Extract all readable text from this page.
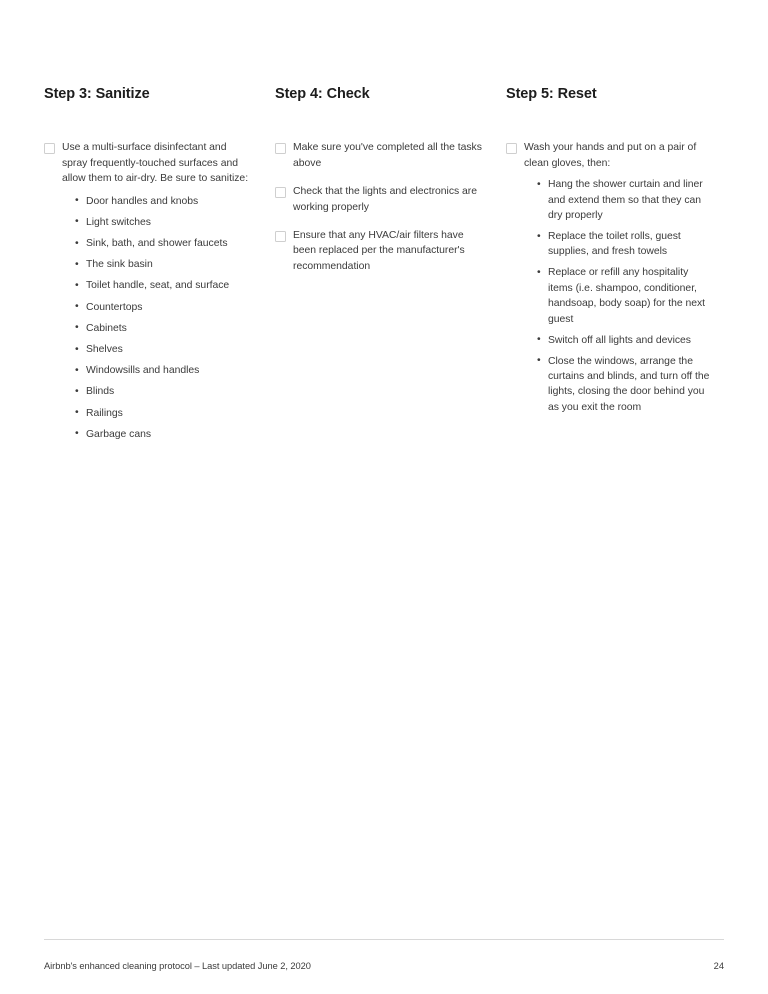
Step 3: Sanitize
Use a multi-surface disinfectant and spray frequently-touched surfaces and allow them to air-dry. Be sure to sanitize:
• Door handles and knobs
• Light switches
• Sink, bath, and shower faucets
• The sink basin
• Toilet handle, seat, and surface
• Countertops
• Cabinets
• Shelves
• Windowsills and handles
• Blinds
• Railings
• Garbage cans
Step 4: Check
Make sure you've completed all the tasks above
Check that the lights and electronics are working properly
Ensure that any HVAC/air filters have been replaced per the manufacturer's recommendation
Step 5: Reset
Wash your hands and put on a pair of clean gloves, then:
• Hang the shower curtain and liner and extend them so that they can dry properly
• Replace the toilet rolls, guest supplies, and fresh towels
• Replace or refill any hospitality items (i.e. shampoo, conditioner, handsoap, body soap) for the next guest
• Switch off all lights and devices
• Close the windows, arrange the curtains and blinds, and turn off the lights, closing the door behind you as you exit the room
Airbnb's enhanced cleaning protocol – Last updated June 2, 2020	24
